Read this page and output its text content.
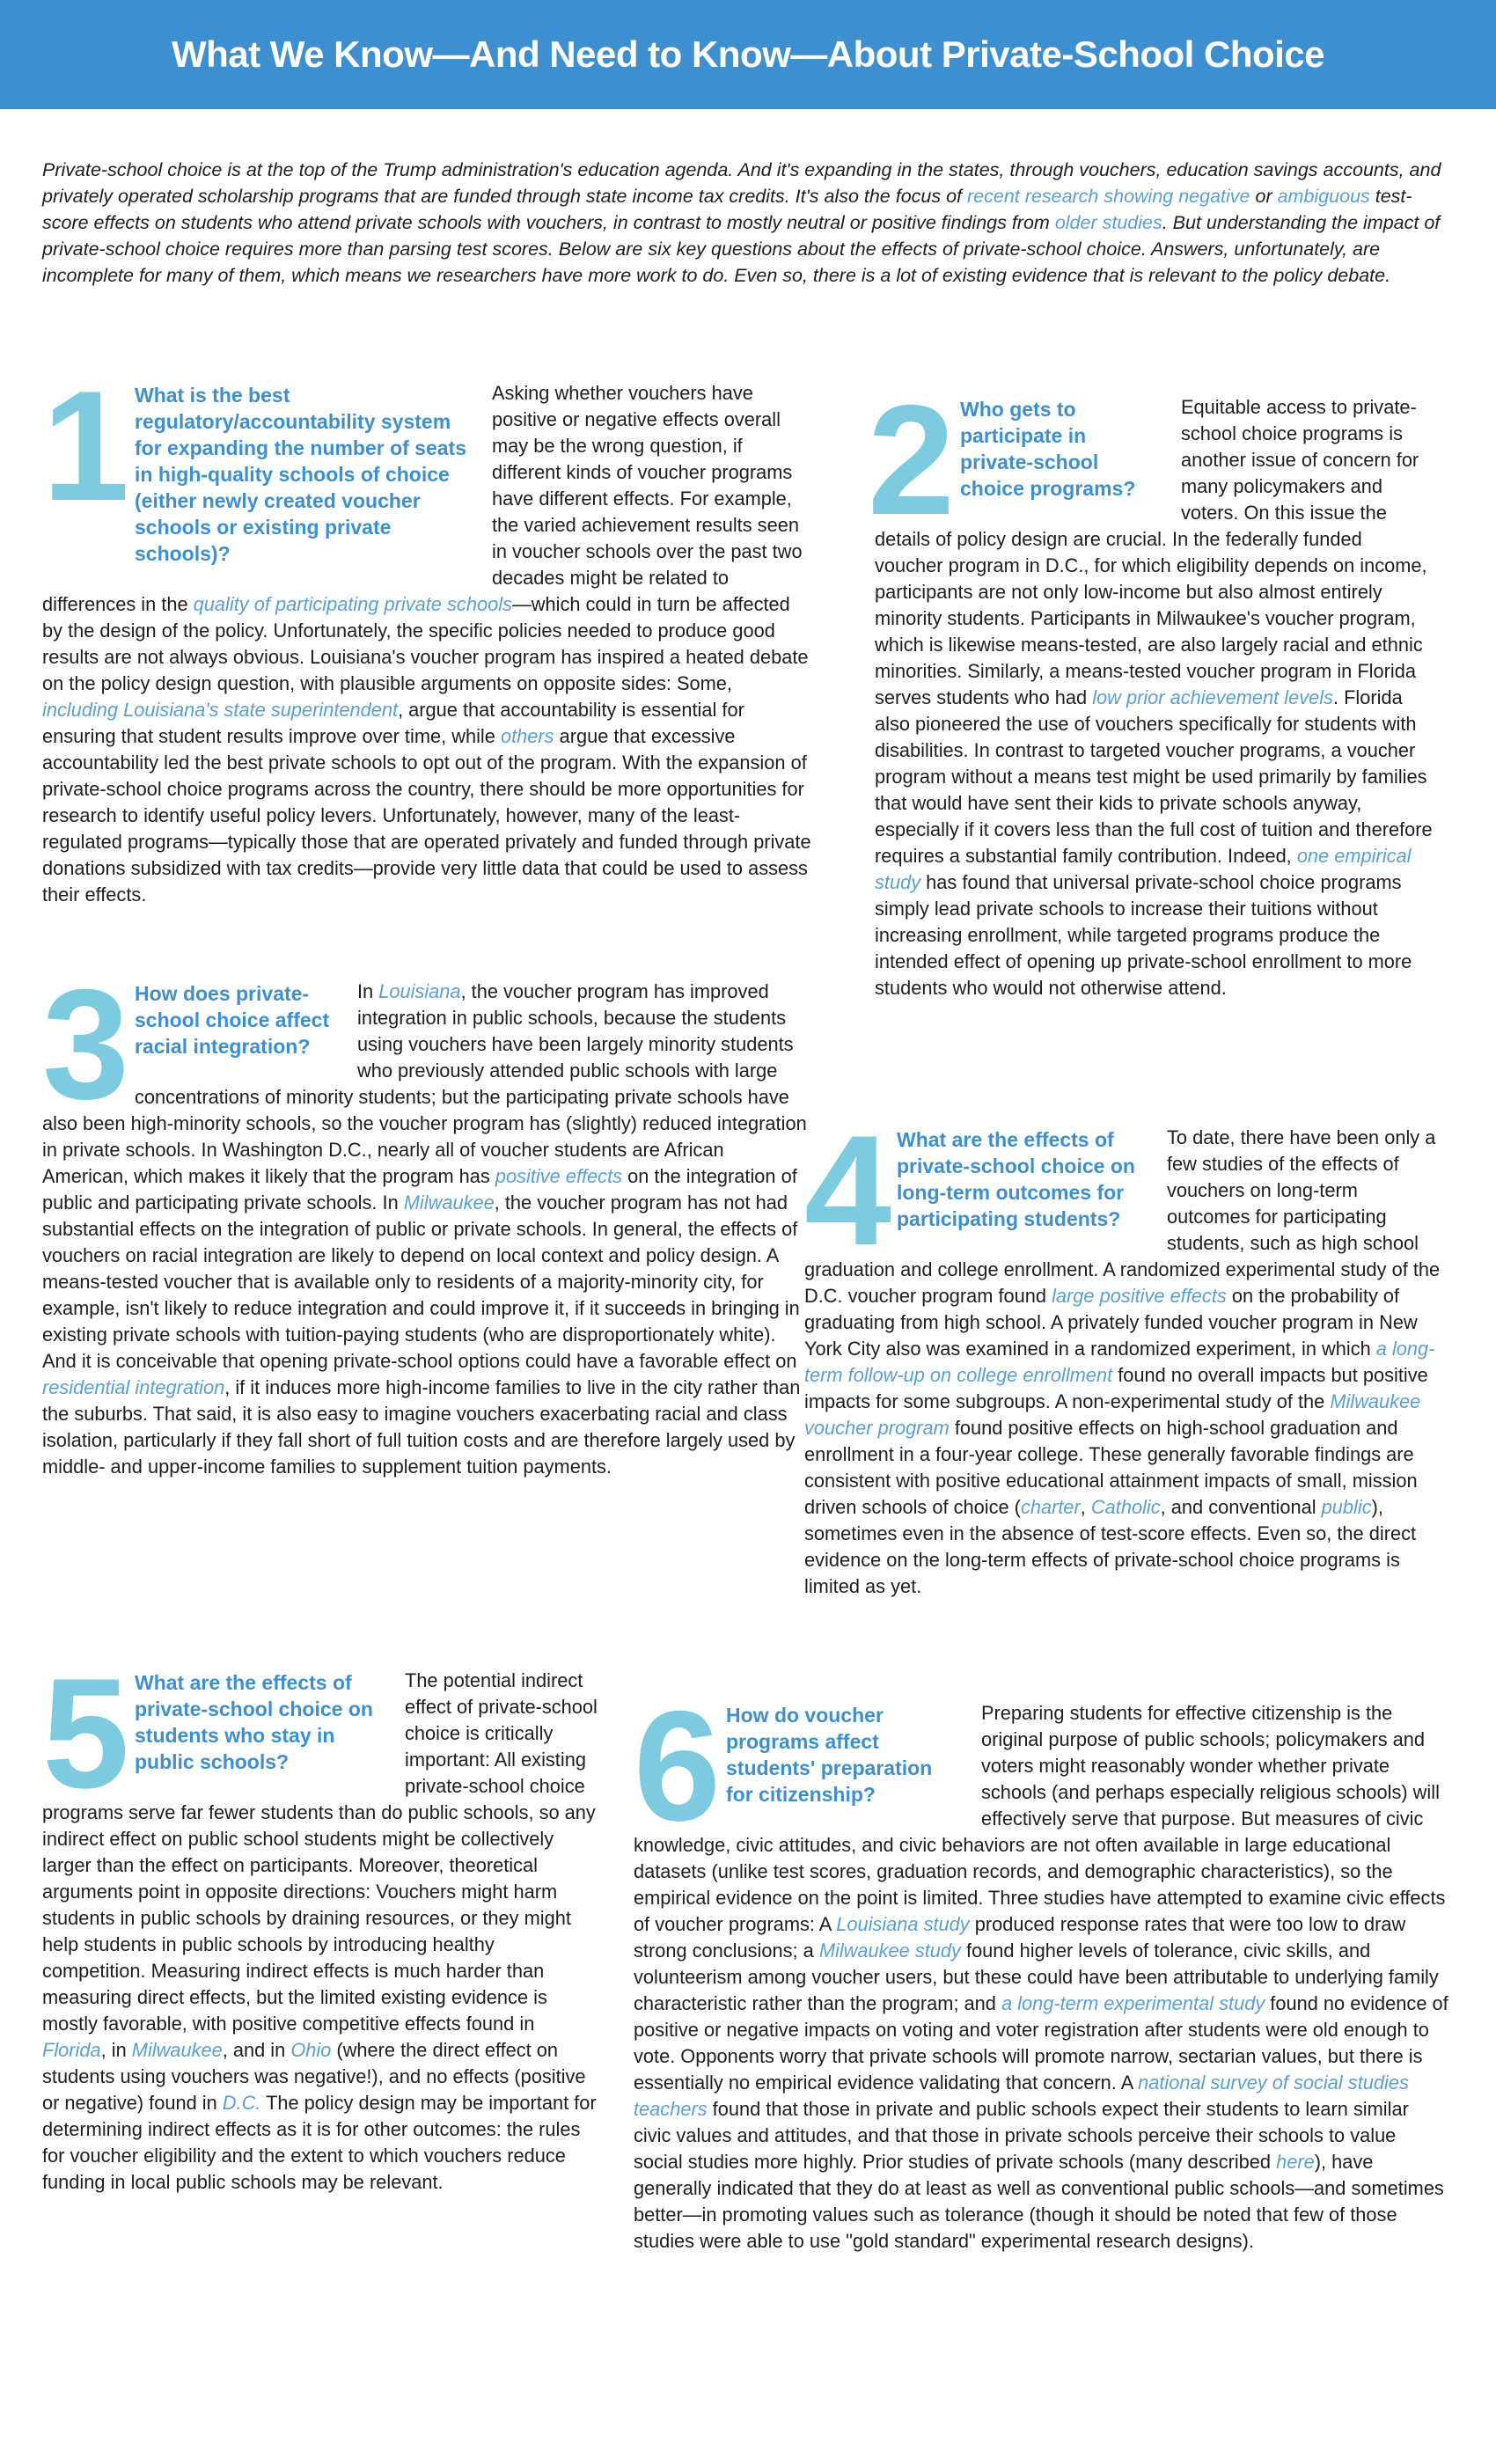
What We Know—And Need to Know—About Private-School Choice

Private-school choice is at the top of the Trump administration's education agenda. And it's expanding in the states, through vouchers, education savings accounts, and privately operated scholarship programs that are funded through state income tax credits. It's also the focus of recent research showing negative or ambiguous test-score effects on students who attend private schools with vouchers, in contrast to mostly neutral or positive findings from older studies. But understanding the impact of private-school choice requires more than parsing test scores. Below are six key questions about the effects of private-school choice. Answers, unfortunately, are incomplete for many of them, which means we researchers have more work to do. Even so, there is a lot of existing evidence that is relevant to the policy debate.

1 What is the best regulatory/accountability system for expanding the number of seats in high-quality schools of choice (either newly created voucher schools or existing private schools)?

Asking whether vouchers have positive or negative effects overall may be the wrong question, if different kinds of voucher programs have different effects. For example, the varied achievement results seen in voucher schools over the past two decades might be related to differences in the quality of participating private schools—which could in turn be affected by the design of the policy. Unfortunately, the specific policies needed to produce good results are not always obvious. Louisiana's voucher program has inspired a heated debate on the policy design question, with plausible arguments on opposite sides: Some, including Louisiana's state superintendent, argue that accountability is essential for ensuring that student results improve over time, while others argue that excessive accountability led the best private schools to opt out of the program. With the expansion of private-school choice programs across the country, there should be more opportunities for research to identify useful policy levers. Unfortunately, however, many of the least-regulated programs—typically those that are operated privately and funded through private donations subsidized with tax credits—provide very little data that could be used to assess their effects.

2 Who gets to participate in private-school choice programs?

Equitable access to private-school choice programs is another issue of concern for many policymakers and voters. On this issue the details of policy design are crucial. In the federally funded voucher program in D.C., for which eligibility depends on income, participants are not only low-income but also almost entirely minority students. Participants in Milwaukee's voucher program, which is likewise means-tested, are also largely racial and ethnic minorities. Similarly, a means-tested voucher program in Florida serves students who had low prior achievement levels. Florida also pioneered the use of vouchers specifically for students with disabilities. In contrast to targeted voucher programs, a voucher program without a means test might be used primarily by families that would have sent their kids to private schools anyway, especially if it covers less than the full cost of tuition and therefore requires a substantial family contribution. Indeed, one empirical study has found that universal private-school choice programs simply lead private schools to increase their tuitions without increasing enrollment, while targeted programs produce the intended effect of opening up private-school enrollment to more students who would not otherwise attend.

3 How does private-school choice affect racial integration?

In Louisiana, the voucher program has improved integration in public schools, because the students using vouchers have been largely minority students who previously attended public schools with large concentrations of minority students; but the participating private schools have also been high-minority schools, so the voucher program has (slightly) reduced integration in private schools. In Washington D.C., nearly all of voucher students are African American, which makes it likely that the program has positive effects on the integration of public and participating private schools. In Milwaukee, the voucher program has not had substantial effects on the integration of public or private schools. In general, the effects of vouchers on racial integration are likely to depend on local context and policy design. A means-tested voucher that is available only to residents of a majority-minority city, for example, isn't likely to reduce integration and could improve it, if it succeeds in bringing in existing private schools with tuition-paying students (who are disproportionately white). And it is conceivable that opening private-school options could have a favorable effect on residential integration, if it induces more high-income families to live in the city rather than the suburbs. That said, it is also easy to imagine vouchers exacerbating racial and class isolation, particularly if they fall short of full tuition costs and are therefore largely used by middle- and upper-income families to supplement tuition payments.

4 What are the effects of private-school choice on long-term outcomes for participating students?

To date, there have been only a few studies of the effects of vouchers on long-term outcomes for participating students, such as high school graduation and college enrollment. A randomized experimental study of the D.C. voucher program found large positive effects on the probability of graduating from high school. A privately funded voucher program in New York City also was examined in a randomized experiment, in which a long-term follow-up on college enrollment found no overall impacts but positive impacts for some subgroups. A non-experimental study of the Milwaukee voucher program found positive effects on high-school graduation and enrollment in a four-year college. These generally favorable findings are consistent with positive educational attainment impacts of small, mission driven schools of choice (charter, Catholic, and conventional public), sometimes even in the absence of test-score effects. Even so, the direct evidence on the long-term effects of private-school choice programs is limited as yet.

5 What are the effects of private-school choice on students who stay in public schools?

The potential indirect effect of private-school choice is critically important: All existing private-school choice programs serve far fewer students than do public schools, so any indirect effect on public school students might be collectively larger than the effect on participants. Moreover, theoretical arguments point in opposite directions: Vouchers might harm students in public schools by draining resources, or they might help students in public schools by introducing healthy competition. Measuring indirect effects is much harder than measuring direct effects, but the limited existing evidence is mostly favorable, with positive competitive effects found in Florida, in Milwaukee, and in Ohio (where the direct effect on students using vouchers was negative!), and no effects (positive or negative) found in D.C. The policy design may be important for determining indirect effects as it is for other outcomes: the rules for voucher eligibility and the extent to which vouchers reduce funding in local public schools may be relevant.

6 How do voucher programs affect students' preparation for citizenship?

Preparing students for effective citizenship is the original purpose of public schools; policymakers and voters might reasonably wonder whether private schools (and perhaps especially religious schools) will effectively serve that purpose. But measures of civic knowledge, civic attitudes, and civic behaviors are not often available in large educational datasets (unlike test scores, graduation records, and demographic characteristics), so the empirical evidence on the point is limited. Three studies have attempted to examine civic effects of voucher programs: A Louisiana study produced response rates that were too low to draw strong conclusions; a Milwaukee study found higher levels of tolerance, civic skills, and volunteerism among voucher users, but these could have been attributable to underlying family characteristic rather than the program; and a long-term experimental study found no evidence of positive or negative impacts on voting and voter registration after students were old enough to vote. Opponents worry that private schools will promote narrow, sectarian values, but there is essentially no empirical evidence validating that concern. A national survey of social studies teachers found that those in private and public schools expect their students to learn similar civic values and attitudes, and that those in private schools perceive their schools to value social studies more highly. Prior studies of private schools (many described here), have generally indicated that they do at least as well as conventional public schools—and sometimes better—in promoting values such as tolerance (though it should be noted that few of those studies were able to use "gold standard" experimental research designs).
